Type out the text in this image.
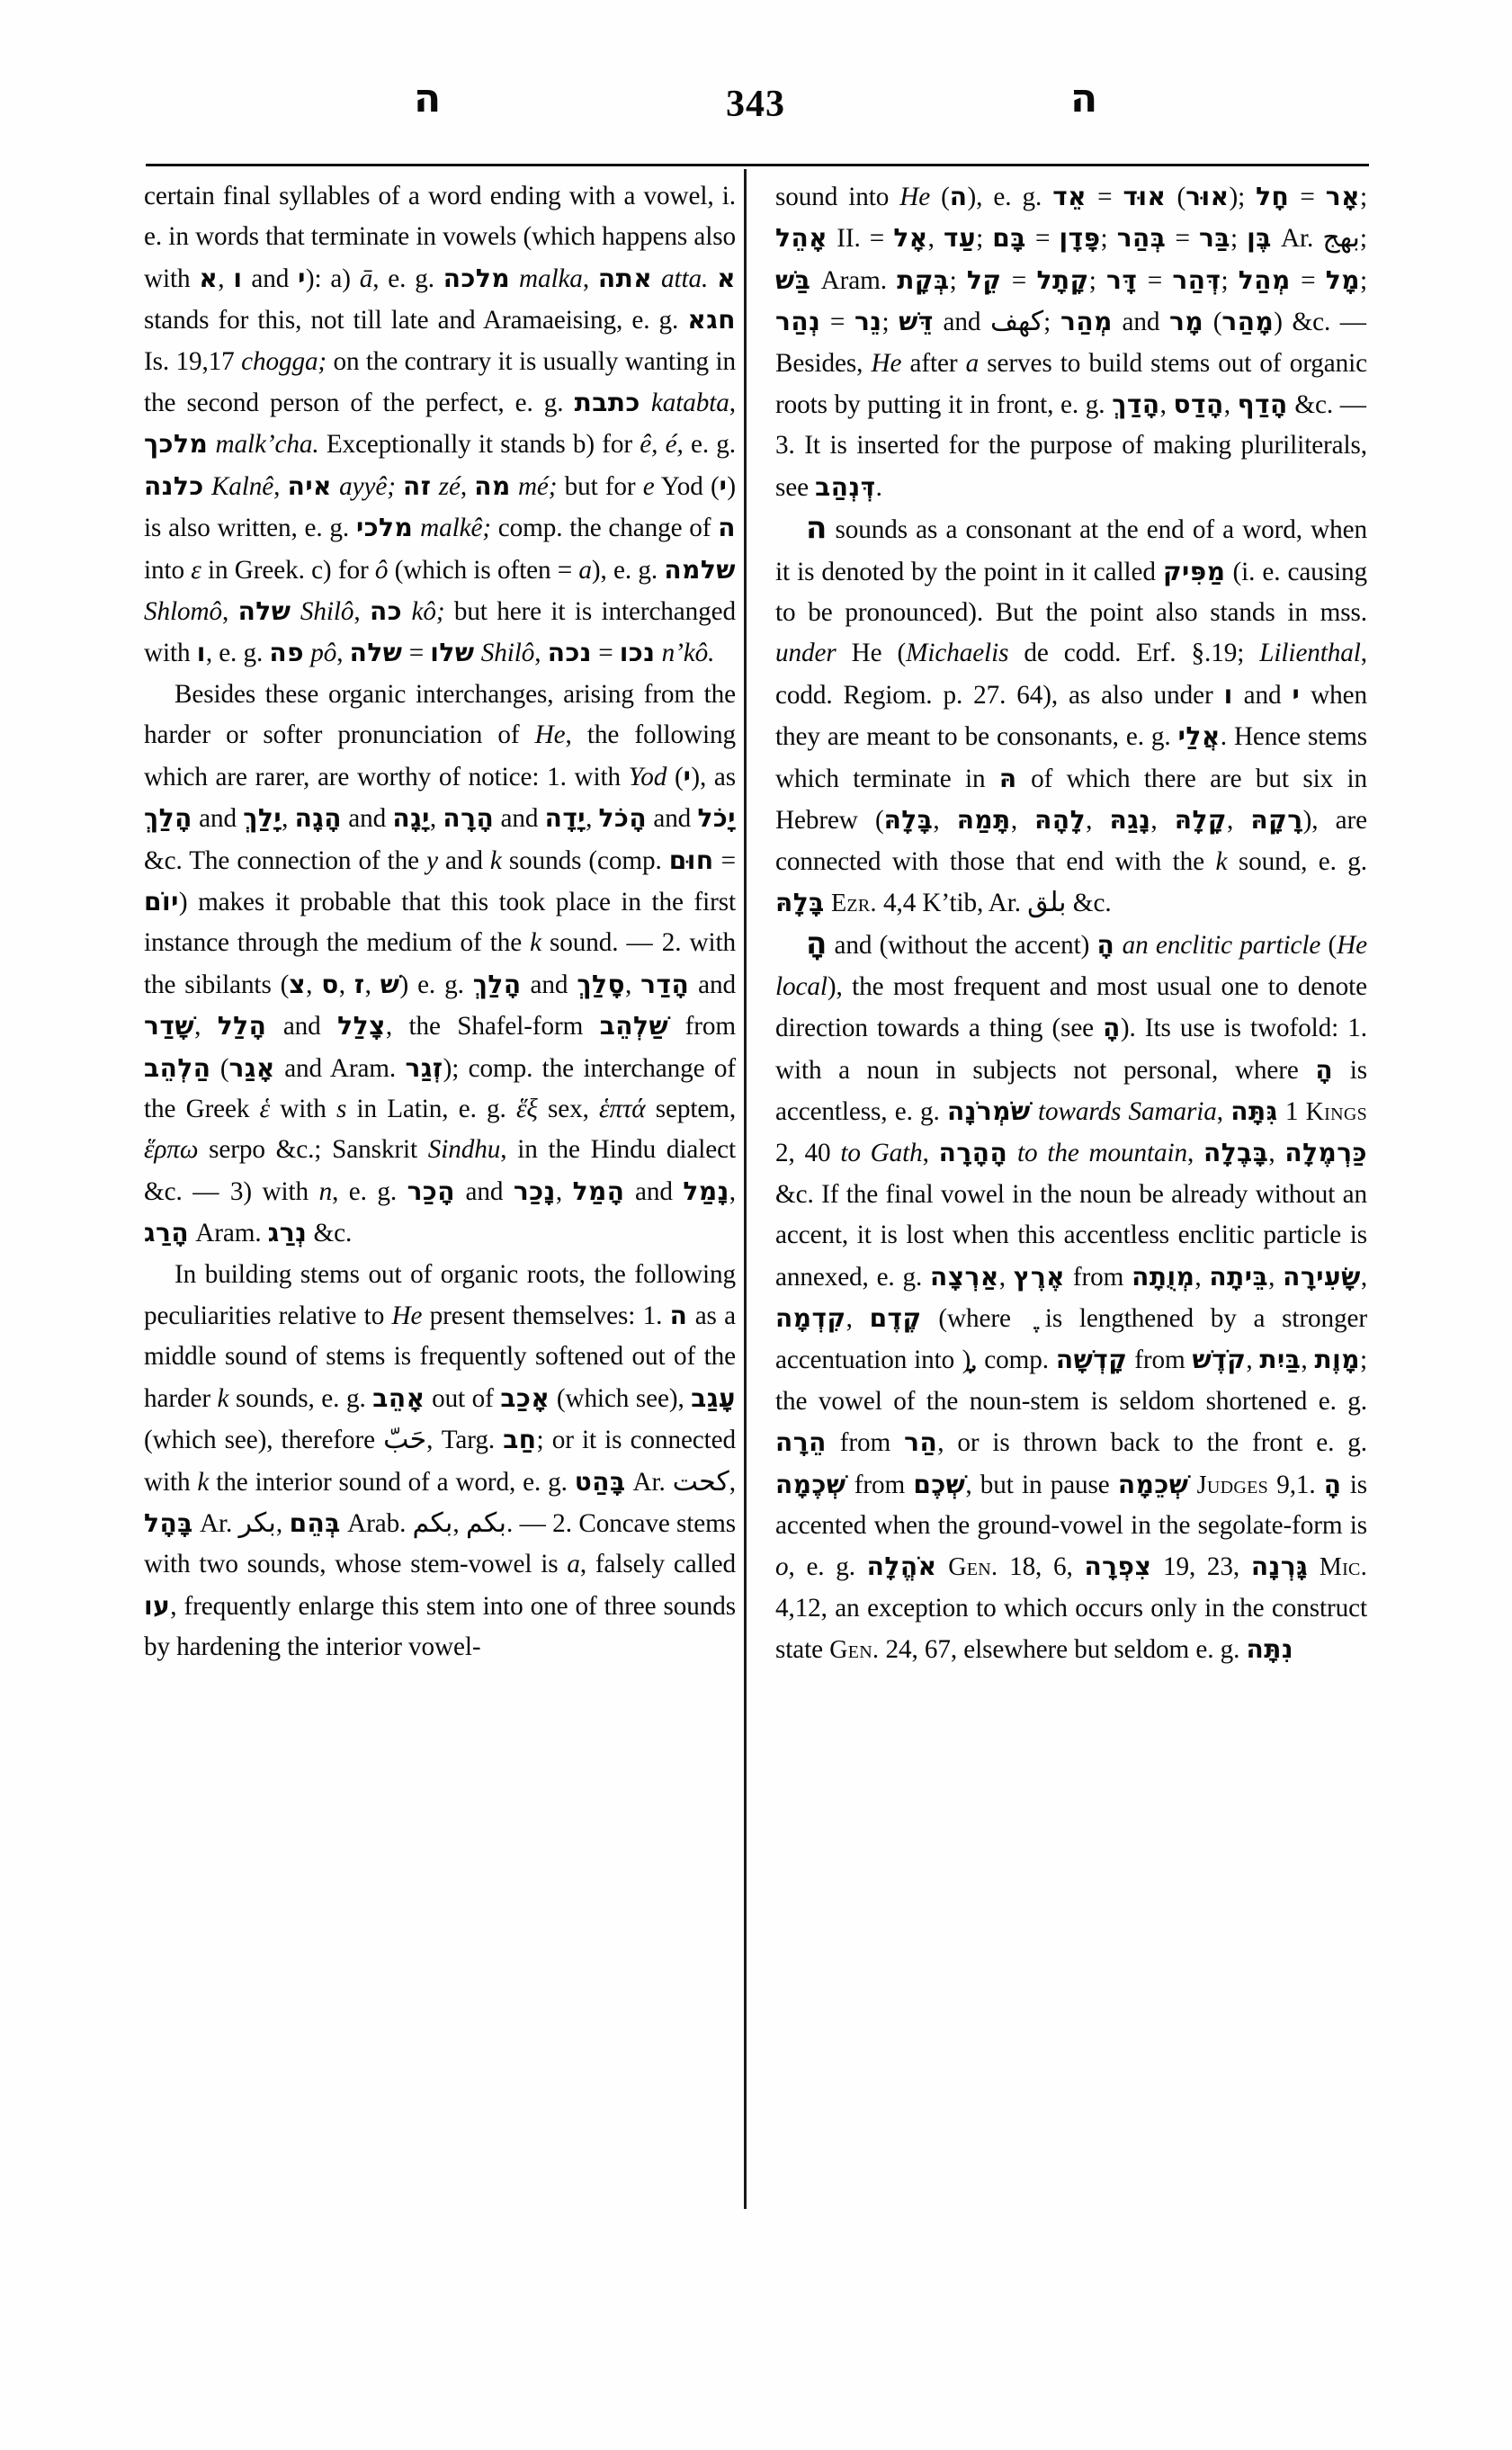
ה	343	ה

certain final syllables of a word ending with a vowel, i. e. in words that terminate in vowels (which happens also with א, ו and י): a) ā, e. g. מלכה malka, אתה atta. א stands for this, not till late and Aramaeising, e. g. חגא Is. 19,17 chogga; on the contrary it is usually wanting in the second person of the perfect, e. g. כתבת katabta, מלכך malk’cha. Exceptionally it stands b) for ê, é, e. g. כלנה Kalnê, איה ayyê; זה zé, מה mé; but for e Yod (י) is also written, e. g. מלכי malkê; comp. the change of ה into ε in Greek. c) for ô (which is often = a), e. g. שלמה Shlomô, שלה Shilô, כה kô; but here it is interchanged with ו, e. g. פה pô, שלה = שלו Shilô, נכה = נכו n’kô.

Besides these organic interchanges, arising from the harder or softer pronunciation of He, the following which are rarer, are worthy of notice: 1. with Yod (י), as הָלַךְ and יָלַךְ, הָגָה and יָגָה, הָרָה and יָדָה, הָכֹל and יָכֹל &c. The connection of the y and k sounds (comp. חוּם = יוֹם) makes it probable that this took place in the first instance through the medium of the k sound. — 2. with the sibilants (צ, ס, ז, שׁ) e. g. הָלַךְ and סָלַךְ, הָדַר and שָׁדַר, הָלַל and צָלַל, the Shafel-form שַׁלְהֵב from הַלְהֵב (אָגַר and Aram. זְגַר); comp. the interchange of the Greek ἑ with s in Latin, e. g. ἕξ sex, ἑπτά septem, ἕρπω serpo &c.; Sanskrit Sindhu, in the Hindu dialect &c. — 3) with n, e. g. הָכַר and נָכַר, הָמַל and נָמַל, הָרַג Aram. נְרַג &c.

In building stems out of organic roots, the following peculiarities relative to He present themselves: 1. ה as a middle sound of stems is frequently softened out of the harder k sounds, e. g. אָהֵב out of אָכַב (which see), עָגַב (which see), therefore حَبّ, Targ. חַב; or it is connected with k the interior sound of a word, e. g. בָּהַט Ar. كحت, בָּהָל Ar. بكر, בְּהֵם Arab. بكم, بكم. — 2. Concave stems with two sounds, whose stem-vowel is a, falsely called עו, frequently enlarge this stem into one of three sounds by hardening the interior vowel-

sound into He (ה), e. g. אֵד = אוּד (אוּר); חָל = אָר; אָהֵל II. = אָל, עַד; בָּם = פָּדָן; בְּהַר = בַּר; בֶּן Ar. بهج; בַּשׁ Aram. בְּקָת; קֵל = קָתָל; דָּר = דְּהַר; מְהַל = מָל; נְהַר = נֵר; דֵּשׁ and كهف; מְהַר and מָר (מָהַר) &c. — Besides, He after a serves to build stems out of organic roots by putting it in front, e. g. הָדַךְ, הָדַס, הָדַף &c. — 3. It is inserted for the purpose of making pluriliterals, see דְּנְהַב.

ה sounds as a consonant at the end of a word, when it is denoted by the point in it called מַפִּיק (i. e. causing to be pronounced). But the point also stands in mss. under He (Michaelis de codd. Erf. §.19; Lilienthal, codd. Regiom. p. 27. 64), as also under ו and י when they are meant to be consonants, e. g. אֲלַי. Hence stems which terminate in הּ of which there are but six in Hebrew (בָּלָהּ, תָּמַהּ, לָהָהּ, נָגַהּ, קָלָהּ, רָקָהּ), are connected with those that end with the k sound, e. g. בָּלָהּ Ezr. 4,4 K’tib, Ar. بلق &c.

הָ and (without the accent) הָ an enclitic particle (He local), the most frequent and most usual one to denote direction towards a thing (see הָ). Its use is twofold: 1. with a noun in subjects not personal, where הָ is accentless, e. g. שֹׁמְרֹנָה towards Samaria, גִּתָּה 1 Kings 2, 40 to Gath, הָהָרָה to the mountain, בָּבֶלָה, כַּרְמֶלָה &c. If the final vowel in the noun be already without an accent, it is lost when this accentless enclitic particle is annexed, e. g. אַרְצָה, אֶרֶץ from מְוֻתָה, בֵּיתָה, שָׂעִירָה, קִדְמָה, קֶדֶם (where ֶ is lengthened by a stronger accentuation into ָ), comp. קָדְשָׁה from קֹדֶשׁ, בַּיִת, מָוֶת; the vowel of the noun-stem is seldom shortened e. g. הֵרָה from הַר, or is thrown back to the front e. g. שְׁכֶמָה from שְׁכֶם, but in pause שְׁכֵמָה Judges 9,1. הָ is accented when the ground-vowel in the segolate-form is o, e. g. אֹהֱלָה Gen. 18, 6, צִפְרָה 19, 23, גָּרְנָה Mic. 4,12, an exception to which occurs only in the construct state Gen. 24, 67, elsewhere but seldom e. g. נִתָּה
